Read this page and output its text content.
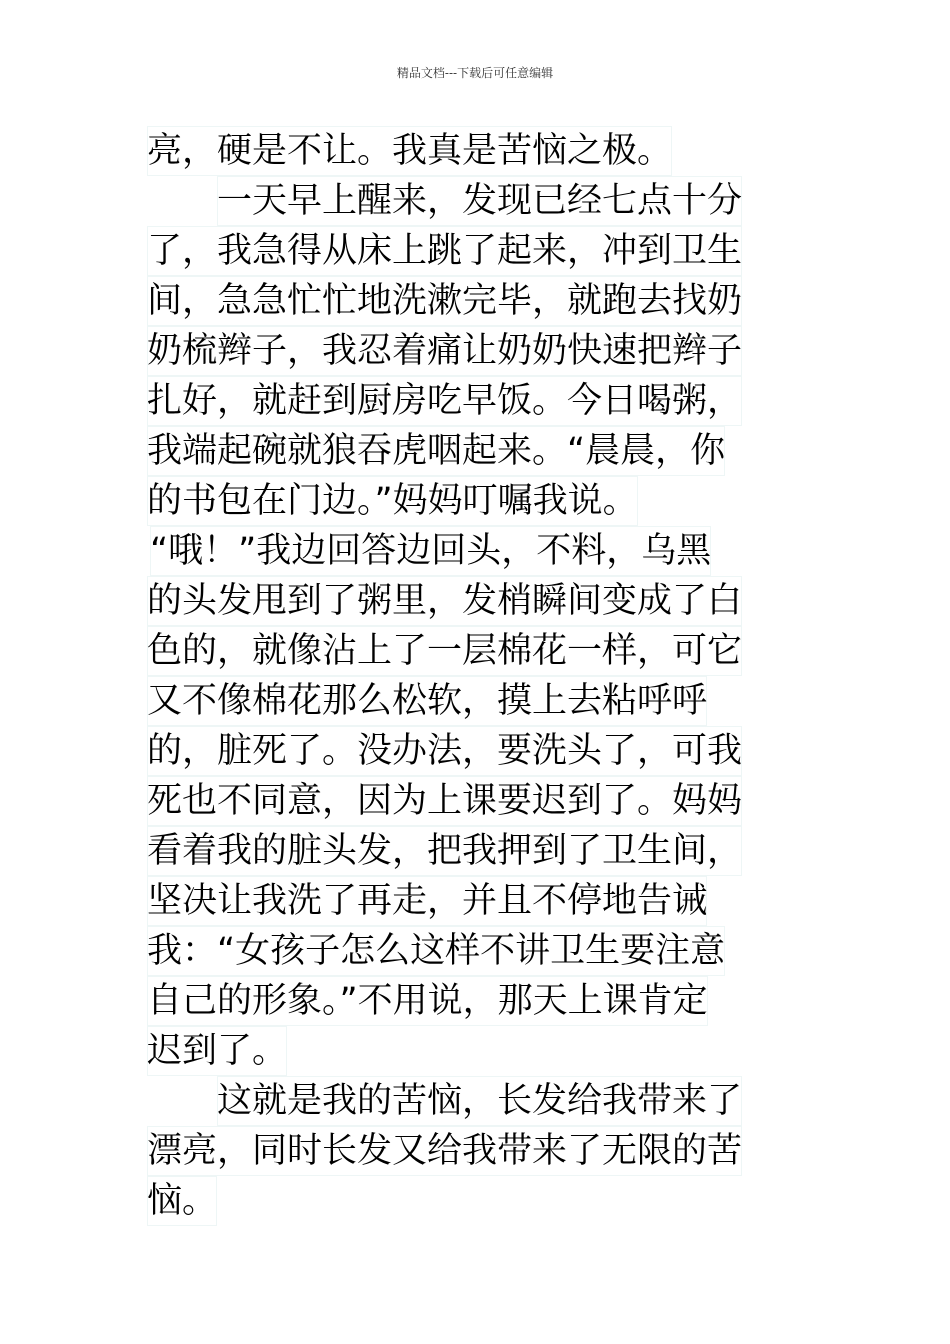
精品文档---下载后可任意编辑
亮，硬是不让。我真是苦恼之极。
一天早上醒来，发现已经七点十分
了，我急得从床上跳了起来，冲到卫生
间，急急忙忙地洗漱完毕，就跑去找奶
奶梳辫子，我忍着痛让奶奶快速把辫子
扎好，就赶到厨房吃早饭。今日喝粥，
我端起碗就狼吞虎咽起来。“晨晨，你
的书包在门边。”妈妈叮嘱我说。
“哦！”我边回答边回头，不料，乌黑
的头发甩到了粥里，发梢瞬间变成了白
色的，就像沾上了一层棉花一样，可它
又不像棉花那么松软，摸上去粘呼呼
的，脏死了。没办法，要洗头了，可我
死也不同意，因为上课要迟到了。妈妈
看着我的脏头发，把我押到了卫生间，
坚决让我洗了再走，并且不停地告诫
我：“女孩子怎么这样不讲卫生要注意
自己的形象。”不用说，那天上课肯定
迟到了。
这就是我的苦恼，长发给我带来了
漂亮，同时长发又给我带来了无限的苦
恼。
